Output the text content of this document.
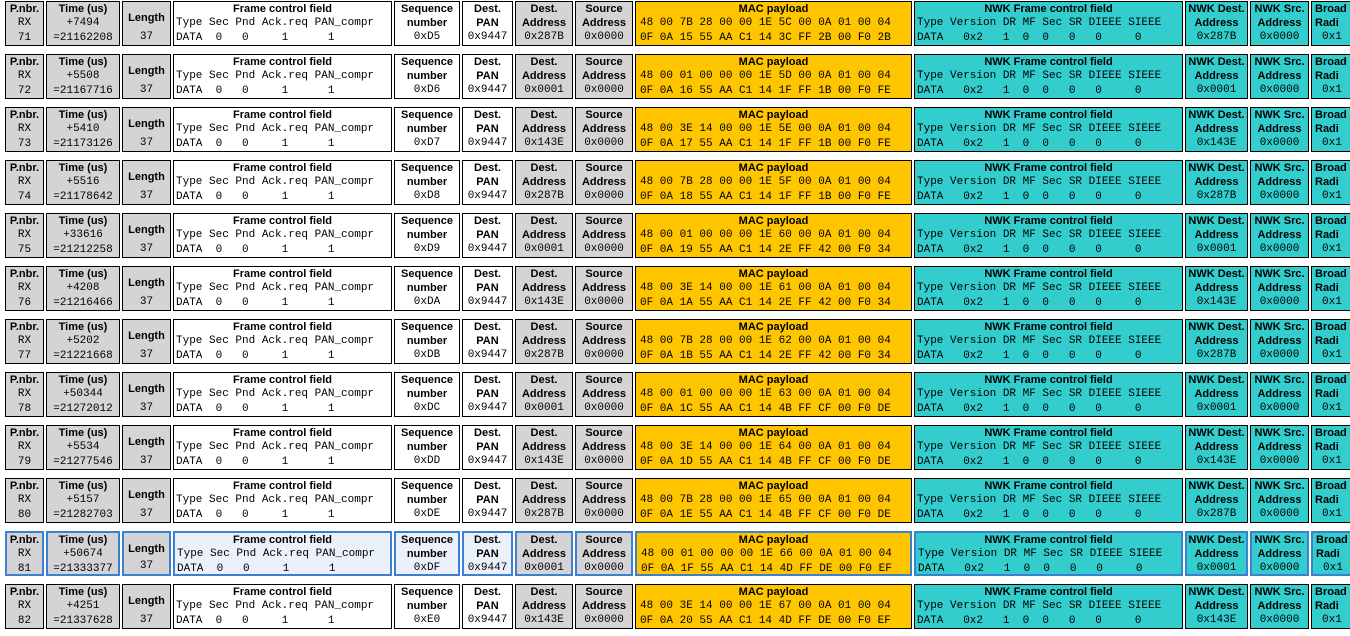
P.nbr.
RX
71
Time (us)
+7494
=21162208
Length
37
Frame control field
Type Sec Pnd Ack.req PAN_compr
DATA  0   0     1      1
Sequence
number
0xD5
Dest.
PAN
0x9447
Dest.
Address
0x287B
Source
Address
0x0000
MAC payload
48 00 7B 28 00 00 1E 5C 00 0A 01 00 04
0F 0A 15 55 AA C1 14 3C FF 2B 00 F0 2B
NWK Frame control field
Type Version DR MF Sec SR DIEEE SIEEE
DATA   0x2   1  0  0   0   0     0
NWK Dest.
Address
0x287B
NWK Src.
Address
0x0000
Broad
Radi
0x1
P.nbr.
RX
72
Time (us)
+5508
=21167716
Length
37
Frame control field
Type Sec Pnd Ack.req PAN_compr
DATA  0   0     1      1
Sequence
number
0xD6
Dest.
PAN
0x9447
Dest.
Address
0x0001
Source
Address
0x0000
MAC payload
48 00 01 00 00 00 1E 5D 00 0A 01 00 04
0F 0A 16 55 AA C1 14 1F FF 1B 00 F0 FE
NWK Frame control field
Type Version DR MF Sec SR DIEEE SIEEE
DATA   0x2   1  0  0   0   0     0
NWK Dest.
Address
0x0001
NWK Src.
Address
0x0000
Broad
Radi
0x1
P.nbr.
RX
73
Time (us)
+5410
=21173126
Length
37
Frame control field
Type Sec Pnd Ack.req PAN_compr
DATA  0   0     1      1
Sequence
number
0xD7
Dest.
PAN
0x9447
Dest.
Address
0x143E
Source
Address
0x0000
MAC payload
48 00 3E 14 00 00 1E 5E 00 0A 01 00 04
0F 0A 17 55 AA C1 14 1F FF 1B 00 F0 FE
NWK Frame control field
Type Version DR MF Sec SR DIEEE SIEEE
DATA   0x2   1  0  0   0   0     0
NWK Dest.
Address
0x143E
NWK Src.
Address
0x0000
Broad
Radi
0x1
P.nbr.
RX
74
Time (us)
+5516
=21178642
Length
37
Frame control field
Type Sec Pnd Ack.req PAN_compr
DATA  0   0     1      1
Sequence
number
0xD8
Dest.
PAN
0x9447
Dest.
Address
0x287B
Source
Address
0x0000
MAC payload
48 00 7B 28 00 00 1E 5F 00 0A 01 00 04
0F 0A 18 55 AA C1 14 1F FF 1B 00 F0 FE
NWK Frame control field
Type Version DR MF Sec SR DIEEE SIEEE
DATA   0x2   1  0  0   0   0     0
NWK Dest.
Address
0x287B
NWK Src.
Address
0x0000
Broad
Radi
0x1
P.nbr.
RX
75
Time (us)
+33616
=21212258
Length
37
Frame control field
Type Sec Pnd Ack.req PAN_compr
DATA  0   0     1      1
Sequence
number
0xD9
Dest.
PAN
0x9447
Dest.
Address
0x0001
Source
Address
0x0000
MAC payload
48 00 01 00 00 00 1E 60 00 0A 01 00 04
0F 0A 19 55 AA C1 14 2E FF 42 00 F0 34
NWK Frame control field
Type Version DR MF Sec SR DIEEE SIEEE
DATA   0x2   1  0  0   0   0     0
NWK Dest.
Address
0x0001
NWK Src.
Address
0x0000
Broad
Radi
0x1
P.nbr.
RX
76
Time (us)
+4208
=21216466
Length
37
Frame control field
Type Sec Pnd Ack.req PAN_compr
DATA  0   0     1      1
Sequence
number
0xDA
Dest.
PAN
0x9447
Dest.
Address
0x143E
Source
Address
0x0000
MAC payload
48 00 3E 14 00 00 1E 61 00 0A 01 00 04
0F 0A 1A 55 AA C1 14 2E FF 42 00 F0 34
NWK Frame control field
Type Version DR MF Sec SR DIEEE SIEEE
DATA   0x2   1  0  0   0   0     0
NWK Dest.
Address
0x143E
NWK Src.
Address
0x0000
Broad
Radi
0x1
P.nbr.
RX
77
Time (us)
+5202
=21221668
Length
37
Frame control field
Type Sec Pnd Ack.req PAN_compr
DATA  0   0     1      1
Sequence
number
0xDB
Dest.
PAN
0x9447
Dest.
Address
0x287B
Source
Address
0x0000
MAC payload
48 00 7B 28 00 00 1E 62 00 0A 01 00 04
0F 0A 1B 55 AA C1 14 2E FF 42 00 F0 34
NWK Frame control field
Type Version DR MF Sec SR DIEEE SIEEE
DATA   0x2   1  0  0   0   0     0
NWK Dest.
Address
0x287B
NWK Src.
Address
0x0000
Broad
Radi
0x1
P.nbr.
RX
78
Time (us)
+50344
=21272012
Length
37
Frame control field
Type Sec Pnd Ack.req PAN_compr
DATA  0   0     1      1
Sequence
number
0xDC
Dest.
PAN
0x9447
Dest.
Address
0x0001
Source
Address
0x0000
MAC payload
48 00 01 00 00 00 1E 63 00 0A 01 00 04
0F 0A 1C 55 AA C1 14 4B FF CF 00 F0 DE
NWK Frame control field
Type Version DR MF Sec SR DIEEE SIEEE
DATA   0x2   1  0  0   0   0     0
NWK Dest.
Address
0x0001
NWK Src.
Address
0x0000
Broad
Radi
0x1
P.nbr.
RX
79
Time (us)
+5534
=21277546
Length
37
Frame control field
Type Sec Pnd Ack.req PAN_compr
DATA  0   0     1      1
Sequence
number
0xDD
Dest.
PAN
0x9447
Dest.
Address
0x143E
Source
Address
0x0000
MAC payload
48 00 3E 14 00 00 1E 64 00 0A 01 00 04
0F 0A 1D 55 AA C1 14 4B FF CF 00 F0 DE
NWK Frame control field
Type Version DR MF Sec SR DIEEE SIEEE
DATA   0x2   1  0  0   0   0     0
NWK Dest.
Address
0x143E
NWK Src.
Address
0x0000
Broad
Radi
0x1
P.nbr.
RX
80
Time (us)
+5157
=21282703
Length
37
Frame control field
Type Sec Pnd Ack.req PAN_compr
DATA  0   0     1      1
Sequence
number
0xDE
Dest.
PAN
0x9447
Dest.
Address
0x287B
Source
Address
0x0000
MAC payload
48 00 7B 28 00 00 1E 65 00 0A 01 00 04
0F 0A 1E 55 AA C1 14 4B FF CF 00 F0 DE
NWK Frame control field
Type Version DR MF Sec SR DIEEE SIEEE
DATA   0x2   1  0  0   0   0     0
NWK Dest.
Address
0x287B
NWK Src.
Address
0x0000
Broad
Radi
0x1
P.nbr.
RX
81
Time (us)
+50674
=21333377
Length
37
Frame control field
Type Sec Pnd Ack.req PAN_compr
DATA  0   0     1      1
Sequence
number
0xDF
Dest.
PAN
0x9447
Dest.
Address
0x0001
Source
Address
0x0000
MAC payload
48 00 01 00 00 00 1E 66 00 0A 01 00 04
0F 0A 1F 55 AA C1 14 4D FF DE 00 F0 EF
NWK Frame control field
Type Version DR MF Sec SR DIEEE SIEEE
DATA   0x2   1  0  0   0   0     0
NWK Dest.
Address
0x0001
NWK Src.
Address
0x0000
Broad
Radi
0x1
P.nbr.
RX
82
Time (us)
+4251
=21337628
Length
37
Frame control field
Type Sec Pnd Ack.req PAN_compr
DATA  0   0     1      1
Sequence
number
0xE0
Dest.
PAN
0x9447
Dest.
Address
0x143E
Source
Address
0x0000
MAC payload
48 00 3E 14 00 00 1E 67 00 0A 01 00 04
0F 0A 20 55 AA C1 14 4D FF DE 00 F0 EF
NWK Frame control field
Type Version DR MF Sec SR DIEEE SIEEE
DATA   0x2   1  0  0   0   0     0
NWK Dest.
Address
0x143E
NWK Src.
Address
0x0000
Broad
Radi
0x1
